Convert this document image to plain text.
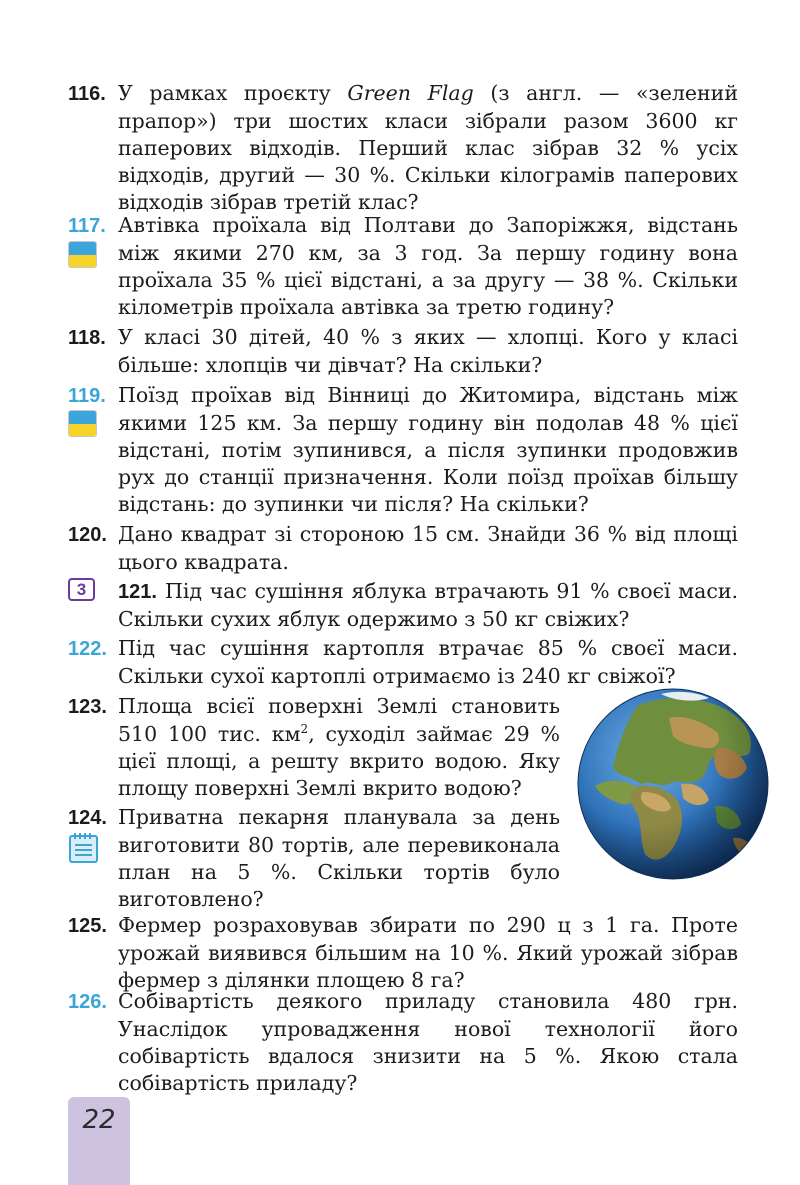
116. У рамках проєкту Green Flag (з англ. — «зелений прапор») три шостих класи зібрали разом 3600 кг паперових відходів. Перший клас зібрав 32 % усіх відходів, другий — 30 %. Скільки кілограмів паперових відходів зібрав третій клас?
117. Автівка проїхала від Полтави до Запоріжжя, відстань між якими 270 км, за 3 год. За першу годину вона проїхала 35 % цієї відстані, а за другу — 38 %. Скільки кілометрів проїхала автівка за третю годину?
118. У класі 30 дітей, 40 % з яких — хлопці. Кого у класі більше: хлопців чи дівчат? На скільки?
119. Поїзд проїхав від Вінниці до Житомира, відстань між якими 125 км. За першу годину він подолав 48 % цієї відстані, потім зупинився, а після зупинки продовжив рух до станції призначення. Коли поїзд проїхав більшу відстань: до зупинки чи після? На скільки?
120. Дано квадрат зі стороною 15 см. Знайди 36 % від площі цього квадрата.
3	121. Під час сушіння яблука втрачають 91 % своєї маси. Скільки сухих яблук одержимо з 50 кг свіжих?
122. Під час сушіння картопля втрачає 85 % своєї маси. Скільки сухої картоплі отримаємо із 240 кг свіжої?
123. Площа всієї поверхні Землі становить 510 100 тис. $км^2$, суходіл займає 29 % цієї площі, а решту вкрито водою. Яку площу поверхні Землі вкрито водою?
124. Приватна пекарня планувала за день виготовити 80 тортів, але перевиконала план на 5 %. Скільки тортів було виготовлено?
125. Фермер розраховував збирати по 290 ц з 1 га. Проте урожай виявився більшим на 10 %. Який урожай зібрав фермер з ділянки площею 8 га?
126. Собівартість деякого приладу становила 480 грн. Унаслідок упровадження нової технології його собівартість вдалося знизити на 5 %. Якою стала собівартість приладу?
22
